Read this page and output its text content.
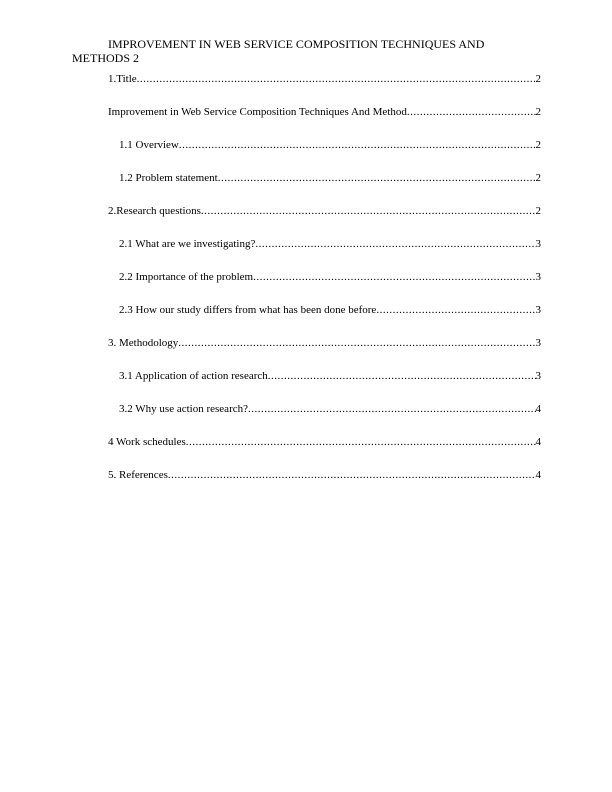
IMPROVEMENT IN WEB SERVICE COMPOSITION TECHNIQUES AND METHODS 2

1.Title .....	2
Improvement in Web Service Composition Techniques And Method .....	2
1.1 Overview .....	2
1.2 Problem statement .....	2
2.Research questions .....	2
2.1 What are we investigating? .....	3
2.2 Importance of the problem .....	3
2.3 How our study differs from what has been done before .....	3
3. Methodology .....	3
3.1 Application of action research .....	3
3.2 Why use action research? .....	4
4 Work schedules .....	4
5. References .....	4
